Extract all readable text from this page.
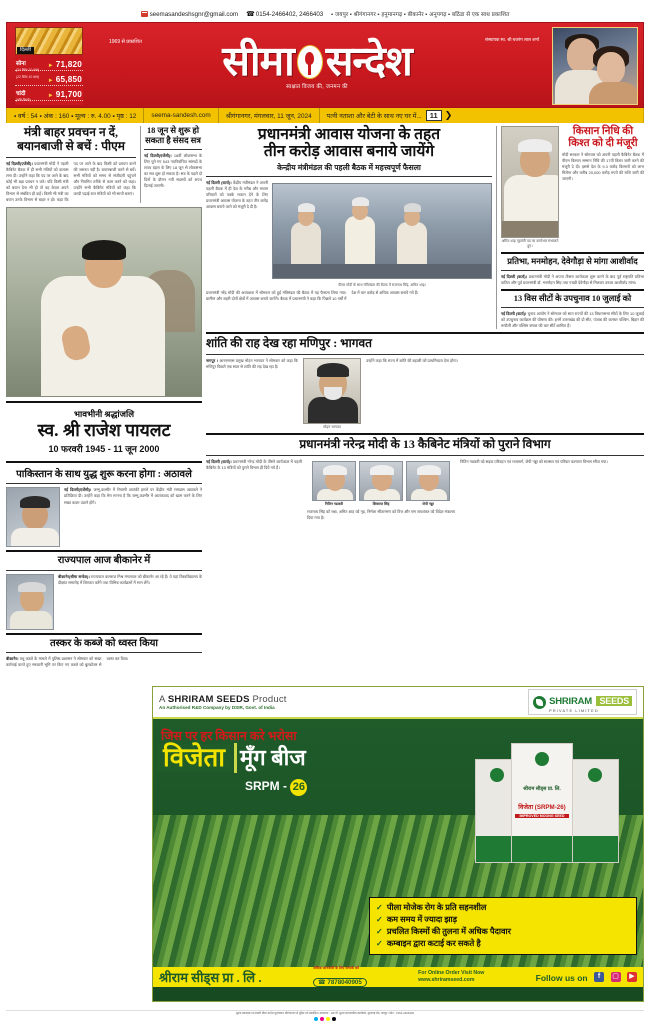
seemasandeshsgnr@gmail.com ☎ 0154-2466402, 2466403 ▪ जयपुर ▪ श्रीगंगानगर ▪ हनुमानगढ़ ▪ बीकानेर ▪ अनूपगढ़ ▪ बठिंडा से एक साथ प्रकाशित
दिल्ली
सोना
(24 कैरेट 10 ग्राम)
► 71,820
(22 कैरेट 10 ग्राम)
► 65,850
चांदी
(प्रति किलो)
► 91,700
1969 से प्रकाशित	संस्थापक स्व. श्री बजरंग लाल शर्मा
सीमा सन्देश
साक्षात विजय की, जनमन की
▪ वर्ष : 54 ▪ अंक : 160 ▪ मूल्य : रु. 4.00 ▪ पृष्ठ : 12	seema-sandesh.com	श्रीगंगानगर, मंगलवार, 11 जून, 2024	पत्नी नताशा और बेटी के साथ नए घर में...	11 ❯
मंत्री बाहर प्रवचन न दें, बयानबाजी से बचें : पीएम
नई दिल्ली(एजेंसी)। प्रधानमंत्री मोदी ने पहली कैबिनेट बैठक में ही सभी मंत्रियों को कलास लगा दी। उन्होंने कहा कि पद पर आने के बाद कोई भी बड़ा प्रवचन न करे। यदि किसी मंत्री को बयान देना भी हो तो वह केवल अपने विभाग से संबंधित ही कहें। किसी भी मंत्री का बयान उनके विभाग से बाहर न हो। कहा कि पद पर आने के बाद किसी को प्रवचन करने की जरूरत नहीं है। बयानबाजी करने से बचें। सभी मंत्रियों को समय से संजीदगी पहुंचने और नियमित तरीके से काम करने को कहा। उन्होंने सभी कैबिनेट मंत्रियों को कहा कि जल्दी पढ़ाई राल मंत्रियों को भी साथी बनाएं।
18 जून से शुरू हो सकता है संसद सत्र
नई दिल्ली(एजेंसी)। 18वीं लोकसभा के लिए चुने गए 543 नवनिर्वाचित सांसदों के शपथ ग्रहण के लिए 18 जून से लोकसभा का सत्र शुरू हो सकता है। सत्र के पहले दो दिनों के दौरान नयी सदस्यों को शपथ दिलाई जाएगी।
भावभीनी श्रद्धांजलि
स्व. श्री राजेश पायलट
10 फरवरी 1945 - 11 जून 2000
पाकिस्तान के साथ युद्ध शुरू करना होगा : अठावले
नई दिल्ली(एजेंसी)। जम्मू-कश्मीर में रियासी आतंकी हमले पर केंद्रीय मंत्री रामदास अठावले ने प्रतिक्रिया दी। उन्होंने कहा कि मेरा मानना है कि जम्मू-कश्मीर में आतंकवाद को खत्म करने के लिए सख्त कदम उठाने होंगे।
राज्यपाल आज बीकानेर में
बीकानेर(सीमा सन्देश)। राज्यपाल कलराज मिश्र मंगलवार को बीकानेर आ रहे हैं। वे यहां विश्वविद्यालय के दीक्षांत समारोह में शिरकत करेंगे तथा विभिन्न कार्यक्रमों में भाग लेंगे।
तस्कर के कब्जे को ध्वस्त किया
बीकानेर। वधू कब्जे के मामले में पुलिस-प्रशासन ने सोमवार को सख्त कार्रवाई करते हुए सरकारी भूमि पर किए गए कब्जे को बुलडोजर से ध्वस्त कर दिया।
प्रधानमंत्री आवास योजना के तहत
तीन करोड़ आवास बनाये जायेंगे
केन्द्रीय मंत्रीमंडल की पहली बैठक में महत्त्वपूर्ण फैसला
नई दिल्ली (वार्ता)। केंद्रीय मंत्रीमंडल ने अपनी पहली बैठक में ही देश के गरीब और मध्यम परिवारों को पक्के मकान देने के लिए प्रधानमंत्री आवास योजना के तहत तीन करोड़ आवास बनाये जाने को मंजूरी दे दी है।
पीएम मोदी के साथ मंत्रिमंडल की बैठक में राजनाथ सिंह, अमित शाह।
प्रधानमंत्री नरेंद्र मोदी की अध्यक्षता में सोमवार को हुई मंत्रिमंडल की बैठक में यह फैसला लिया गया। ग्रामीण और शहरी दोनों क्षेत्रों में आवास बनाये जायेंगे। बैठक में प्रधानमंत्री ने कहा कि पिछले 10 वर्षों में देश में चार करोड़ से अधिक आवास बनाये गये हैं।
अमित शाह गृहमंत्री पद का कार्यभार संभालते हुए।
किसान निधि की किश्त को दी मंजूरी
मोदी सरकार ने सोमवार को अपनी पहली कैबिनेट बैठक में पीएम किसान सम्मान निधि की 17वीं किस्त जारी करने की मंजूरी दे दी। इससे देश के 9.3 करोड़ किसानों को लाभ मिलेगा और करीब 20,000 करोड़ रुपये की राशि जारी की जाएगी।
प्रतिभा, मनमोहन, देवेगौड़ा से मांगा आशीर्वाद
नई दिल्ली (वार्ता)। प्रधानमंत्री मोदी ने अपना तीसरा कार्यकाल शुरू करने के बाद पूर्व राष्ट्रपति प्रतिभा पाटिल और पूर्व प्रधानमंत्री डॉ. मनमोहन सिंह तथा एचडी देवेगौड़ा से मिलकर उनका आशीर्वाद मांगा।
13 विस सीटों के उपचुनाव 10 जुलाई को
नई दिल्ली (वार्ता)। चुनाव आयोग ने सोमवार को सात राज्यों की 13 विधानसभा सीटों के लिए 10 जुलाई को उपचुनाव कार्यक्रम की घोषणा की। इनमें उत्तराखंड की दो सीट, पंजाब की जलंधर पश्चिम, बिहार की रूपौली और पश्चिम बंगाल की चार सीटें शामिल हैं।
शांति की राह देख रहा मणिपुर : भागवत
नागपुर । आरएसएस प्रमुख मोहन भागवत ने सोमवार को कहा कि मणिपुर पिछले एक साल से शांति की राह देख रहा है।
मोहन भागवत
उन्होंने कहा कि राज्य में शांति की बहाली को प्राथमिकता देना होगा।
प्रधानमंत्री नरेन्द्र मोदी के 13 कैबिनेट मंत्रियों को पुराने विभाग
नई दिल्ली (वार्ता)। प्रधानमंत्री नरेन्द्र मोदी के तीसरे कार्यकाल में पहली कैबिनेट के 13 मंत्रियों को पुराने विभाग ही दिये गये हैं।
नितिन गडकरी	शिवराज सिंह	जेपी नड्डा
राजनाथ सिंह को रक्षा, अमित शाह को गृह, निर्मला सीतारमण को वित्त और एस जयशंकर को विदेश मंत्रालय दिया गया है।
नितिन गडकरी को सड़क परिवहन एवं राजमार्ग, जेपी नड्डा को स्वास्थ्य एवं परिवार कल्याण विभाग सौंपा गया।
A SHRIRAM SEEDS Product
An Authorised R&D Company by DSIR, Govt. of India
SHRIRAM SEEDS
PRIVATE LIMITED
जिस पर हर किसान करे भरोसा
विजेता मूँग बीज
SRPM - 26	श्रीराम सीड्स प्रा. लि.
विजेता (SRPM-26)
IMPROVED MOONG SEED
✓ पीला मोजेक रोग के प्रति सहनशील
✓ कम समय में ज्यादा झाड़
✓ प्रचलित किस्मों की तुलना में अधिक पैदावार
✓ कम्बाइन द्वारा कटाई कर सकते है
श्रीराम सीड्स प्रा . लि .
अधिक जानकारी के लिए सम्पर्क करें
☎ 7878040905
For Online Order Visit Now
www.shriramseed.com	Follow us on f ▢ ▶
मुद्रक प्रकाशक एवं स्वामी सीमा सन्देश मुद्रणालय श्रीगंगानगर से मुद्रित एवं प्रकाशित। सम्पादक : आर.पी. सुतार सम्पादकीय कार्यालय, सुरतगढ़ रोड, जयपुर। फोन : 0154-2466402
